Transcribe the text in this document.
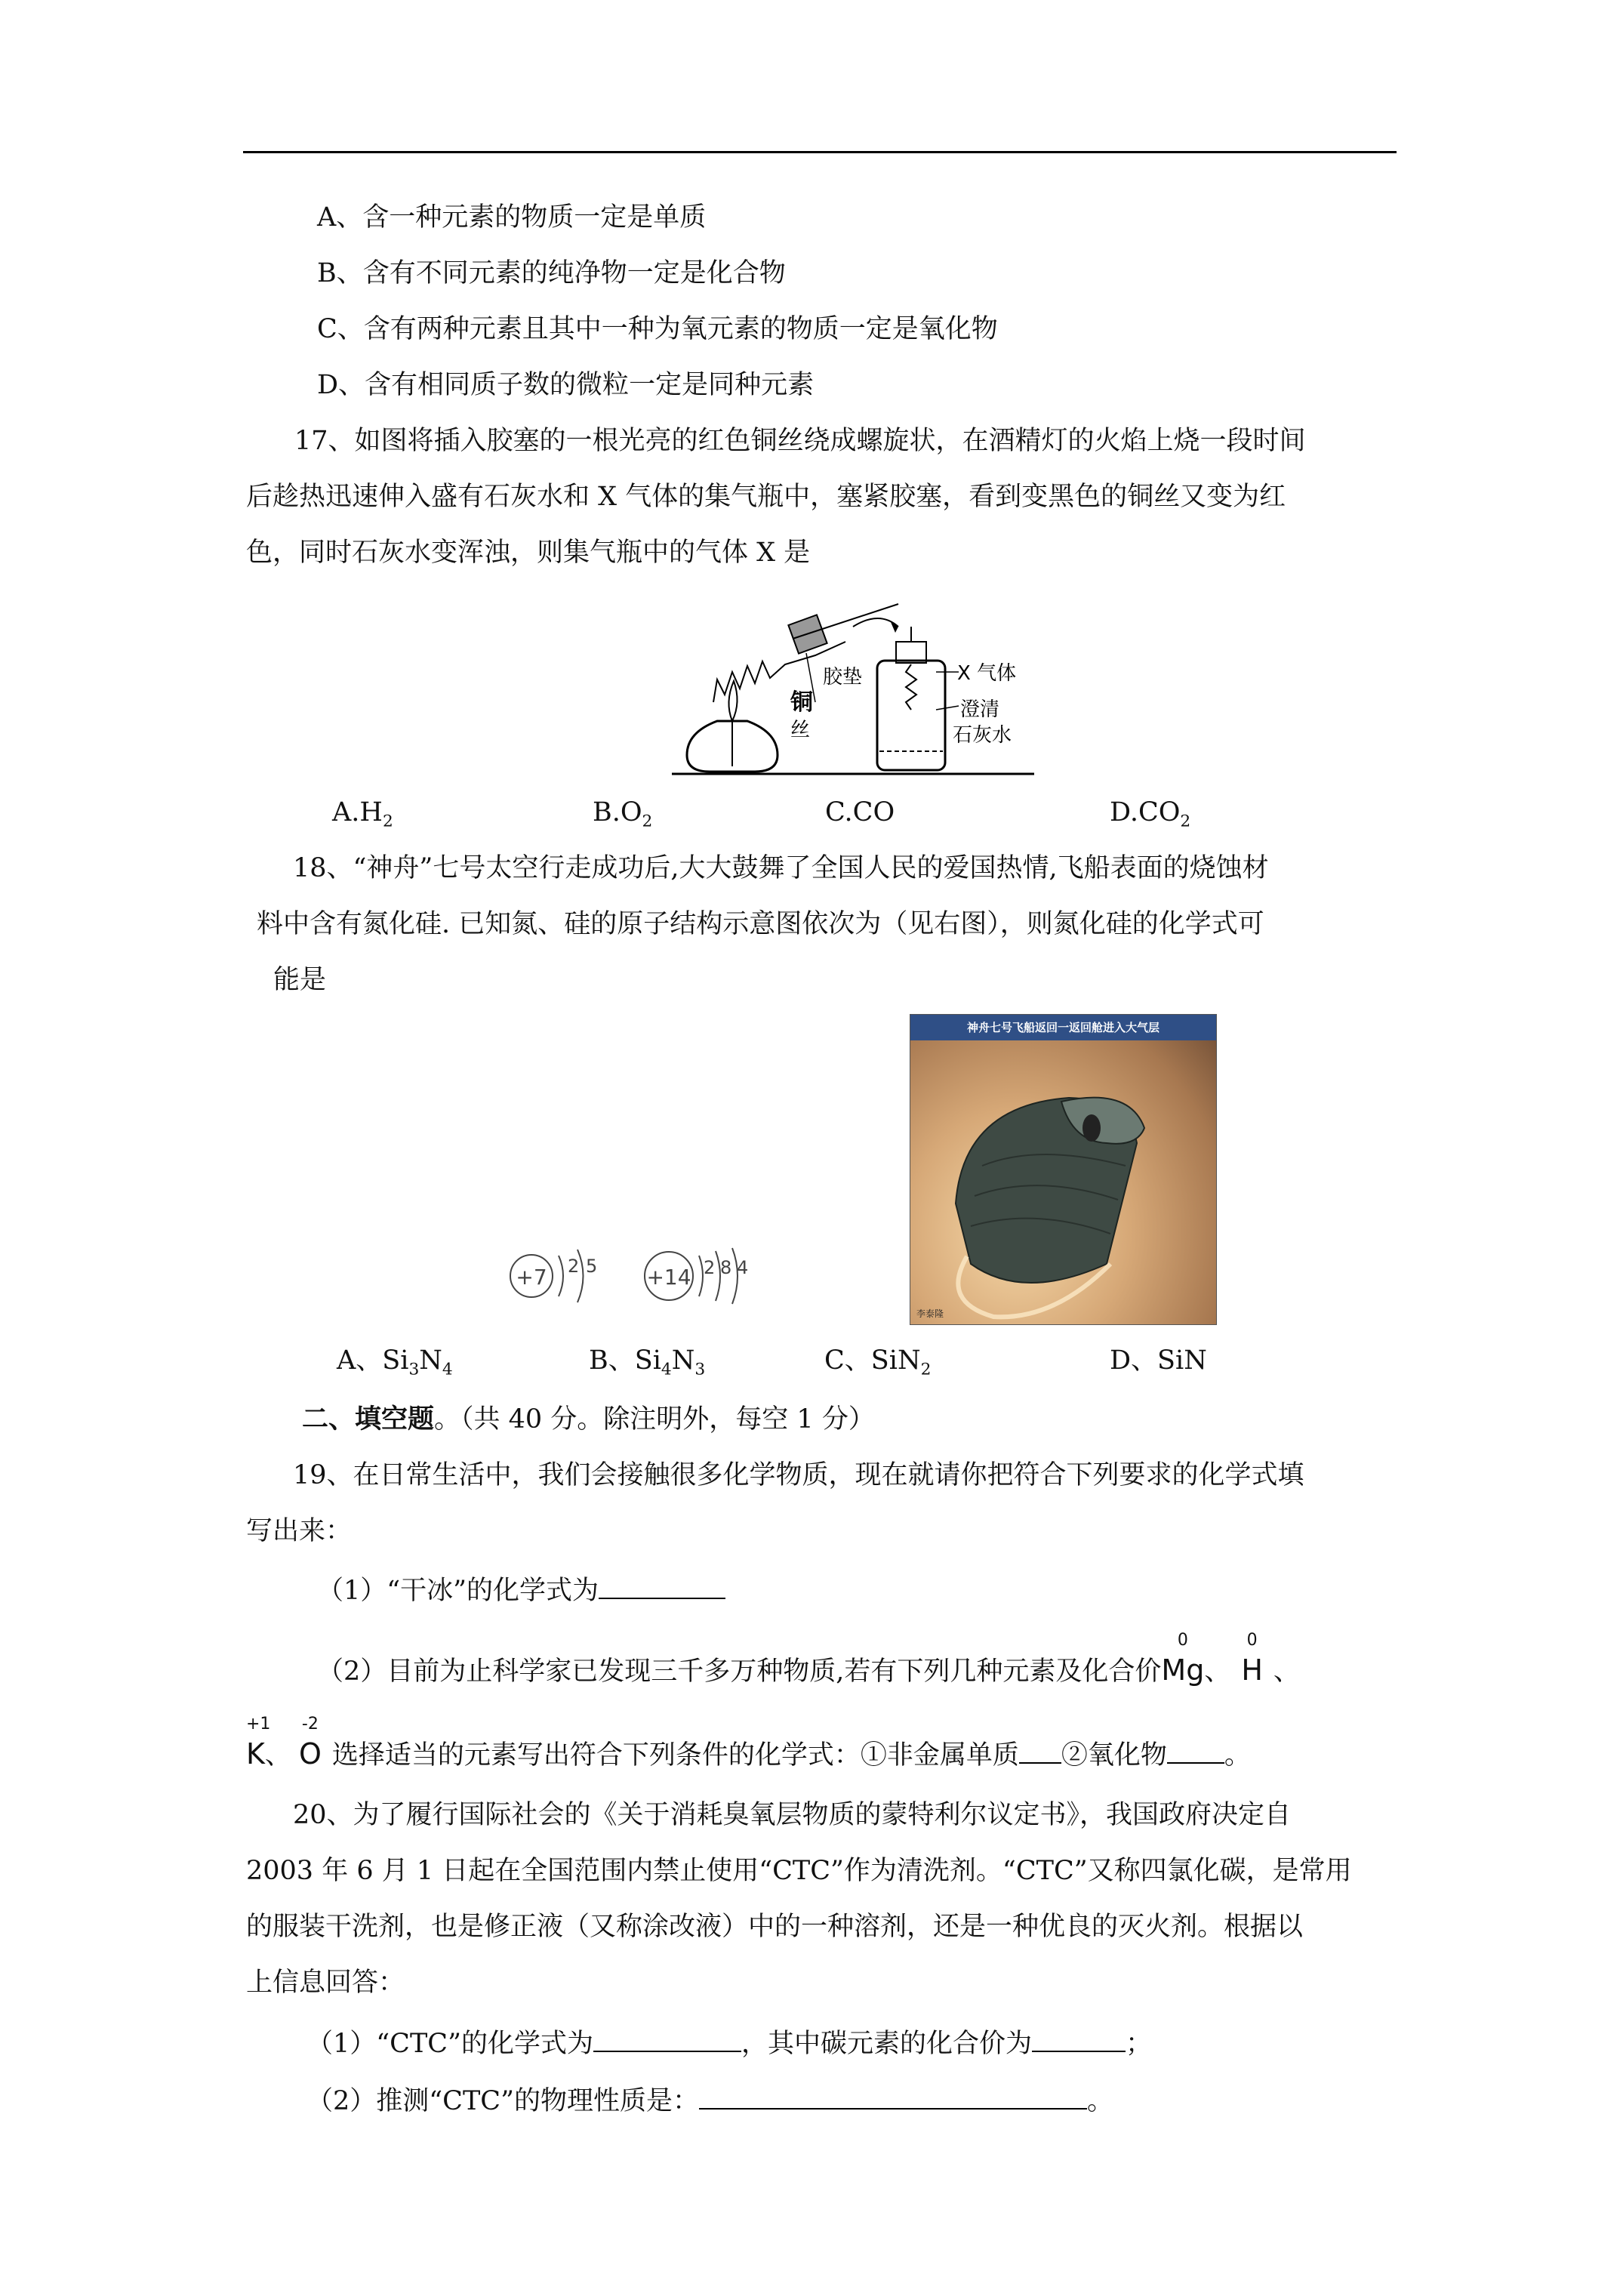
A、含一种元素的物质一定是单质
B、含有不同元素的纯净物一定是化合物
C、含有两种元素且其中一种为氧元素的物质一定是氧化物
D、含有相同质子数的微粒一定是同种元素
17、如图将插入胶塞的一根光亮的红色铜丝绕成螺旋状，在酒精灯的火焰上烧一段时间
后趁热迅速伸入盛有石灰水和 X 气体的集气瓶中，塞紧胶塞，看到变黑色的铜丝又变为红
色，同时石灰水变浑浊，则集气瓶中的气体 X 是
胶垫
铜
丝
X 气体
澄清
石灰水
$A.H_2$	$B.O_2$	C.CO	$D.CO_2$
18、“神舟”七号太空行走成功后,大大鼓舞了全国人民的爱国热情,飞船表面的烧蚀材
料中含有氮化硅. 已知氮、硅的原子结构示意图依次为（见右图），则氮化硅的化学式可
能是
+7 2 5 +14 2 8 4
神舟七号飞船返回一返回舱进入大气层
李泰隆
A、$Si_3N_4$	B、$Si_4N_3$	C、SiN$_2$	D、SiN
二、填空题。（共 40 分。除注明外，每空 1 分）
19、在日常生活中，我们会接触很多化学物质，现在就请你把符合下列要求的化学式填
写出来：
（1）“干冰”的化学式为
（2）目前为止科学家已发现三千多万种物质,若有下列几种元素及化合价
0
Mg、
0
H 、
+1
K、
-2
O 选择适当的元素写出符合下列条件的化学式：①非金属单质 ②氧化物 。
20、为了履行国际社会的《关于消耗臭氧层物质的蒙特利尔议定书》，我国政府决定自
2003 年 6 月 1 日起在全国范围内禁止使用“CTC”作为清洗剂。“CTC”又称四氯化碳，是常用
的服装干洗剂，也是修正液（又称涂改液）中的一种溶剂，还是一种优良的灭火剂。根据以
上信息回答：
（1）“CTC”的化学式为	，其中碳元素的化合价为	；
（2）推测“CTC”的物理性质是：	。
